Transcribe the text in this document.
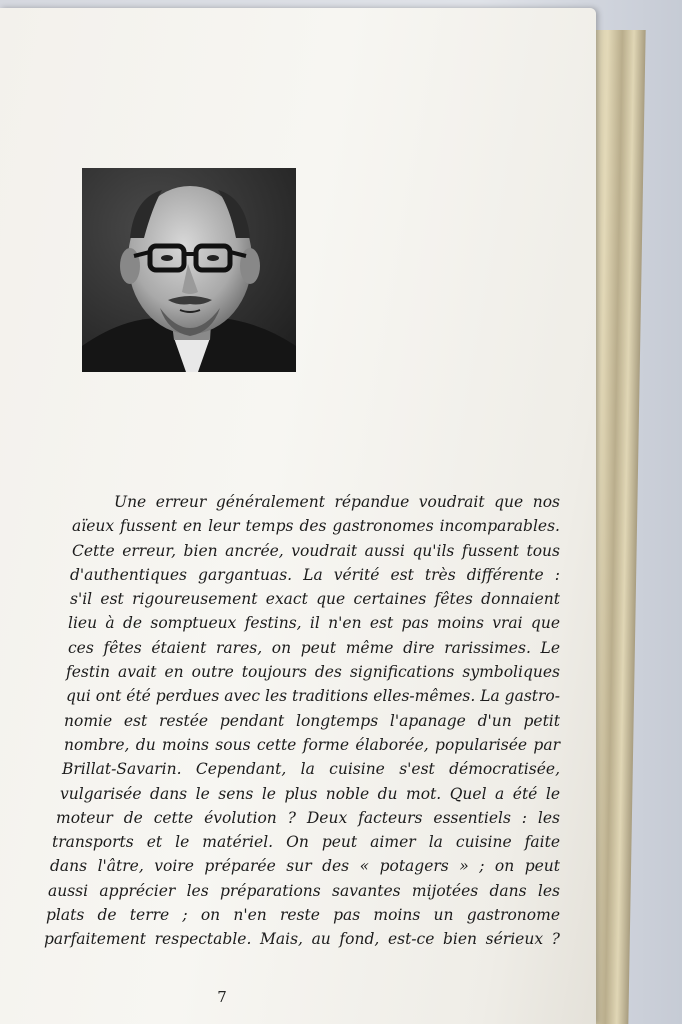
Une erreur généralement répandue voudrait que nos
aïeux fussent en leur temps des gastronomes incomparables.
Cette erreur, bien ancrée, voudrait aussi qu'ils fussent tous
d'authentiques gargantuas. La vérité est très différente :
s'il est rigoureusement exact que certaines fêtes donnaient
lieu à de somptueux festins, il n'en est pas moins vrai que
ces fêtes étaient rares, on peut même dire rarissimes. Le
festin avait en outre toujours des significations symboliques
qui ont été perdues avec les traditions elles-mêmes. La gastro-
nomie est restée pendant longtemps l'apanage d'un petit
nombre, du moins sous cette forme élaborée, popularisée par
Brillat-Savarin. Cependant, la cuisine s'est démocratisée,
vulgarisée dans le sens le plus noble du mot. Quel a été le
moteur de cette évolution ? Deux facteurs essentiels : les
transports et le matériel. On peut aimer la cuisine faite
dans l'âtre, voire préparée sur des « potagers » ; on peut
aussi apprécier les préparations savantes mijotées dans les
plats de terre ; on n'en reste pas moins un gastronome
parfaitement respectable. Mais, au fond, est-ce bien sérieux ?
7
